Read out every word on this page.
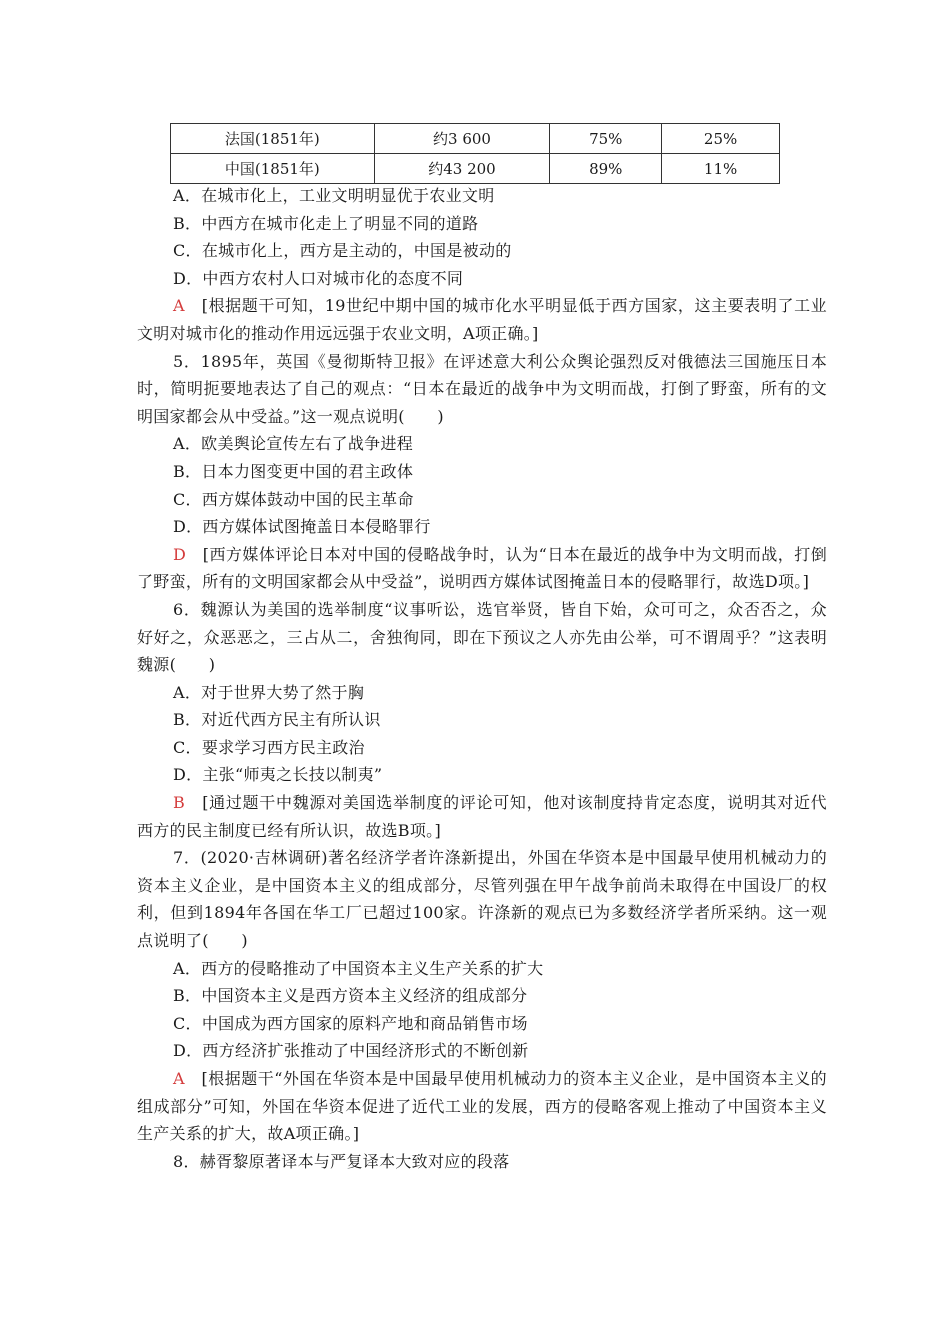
法国(1851年)	约3 600	75%	25%
中国(1851年)	约43 200	89%	11%

A．在城市化上，工业文明明显优于农业文明

B．中西方在城市化走上了明显不同的道路

C．在城市化上，西方是主动的，中国是被动的

D．中西方农村人口对城市化的态度不同

A　 [根据题干可知，19世纪中期中国的城市化水平明显低于西方国家，这主要表明了工业文明对城市化的推动作用远远强于农业文明，A项正确。]

5．1895年，英国《曼彻斯特卫报》在评述意大利公众舆论强烈反对俄德法三国施压日本时，简明扼要地表达了自己的观点：“日本在最近的战争中为文明而战，打倒了野蛮，所有的文明国家都会从中受益。”这一观点说明(　　)

A．欧美舆论宣传左右了战争进程

B．日本力图变更中国的君主政体

C．西方媒体鼓动中国的民主革命

D．西方媒体试图掩盖日本侵略罪行

D　 [西方媒体评论日本对中国的侵略战争时，认为“日本在最近的战争中为文明而战，打倒了野蛮，所有的文明国家都会从中受益”，说明西方媒体试图掩盖日本的侵略罪行，故选D项。]

6．魏源认为美国的选举制度“议事听讼，选官举贤，皆自下始，众可可之，众否否之，众好好之，众恶恶之，三占从二，舍独徇同，即在下预议之人亦先由公举，可不谓周乎？”这表明魏源(　　)

A．对于世界大势了然于胸

B．对近代西方民主有所认识

C．要求学习西方民主政治

D．主张“师夷之长技以制夷”

B　 [通过题干中魏源对美国选举制度的评论可知，他对该制度持肯定态度，说明其对近代西方的民主制度已经有所认识，故选B项。]

7．(2020·吉林调研)著名经济学者许涤新提出，外国在华资本是中国最早使用机械动力的资本主义企业，是中国资本主义的组成部分，尽管列强在甲午战争前尚未取得在中国设厂的权利，但到1894年各国在华工厂已超过100家。许涤新的观点已为多数经济学者所采纳。这一观点说明了(　　)

A．西方的侵略推动了中国资本主义生产关系的扩大

B．中国资本主义是西方资本主义经济的组成部分

C．中国成为西方国家的原料产地和商品销售市场

D．西方经济扩张推动了中国经济形式的不断创新

A　 [根据题干“外国在华资本是中国最早使用机械动力的资本主义企业，是中国资本主义的组成部分”可知，外国在华资本促进了近代工业的发展，西方的侵略客观上推动了中国资本主义生产关系的扩大，故A项正确。]

8．赫胥黎原著译本与严复译本大致对应的段落
